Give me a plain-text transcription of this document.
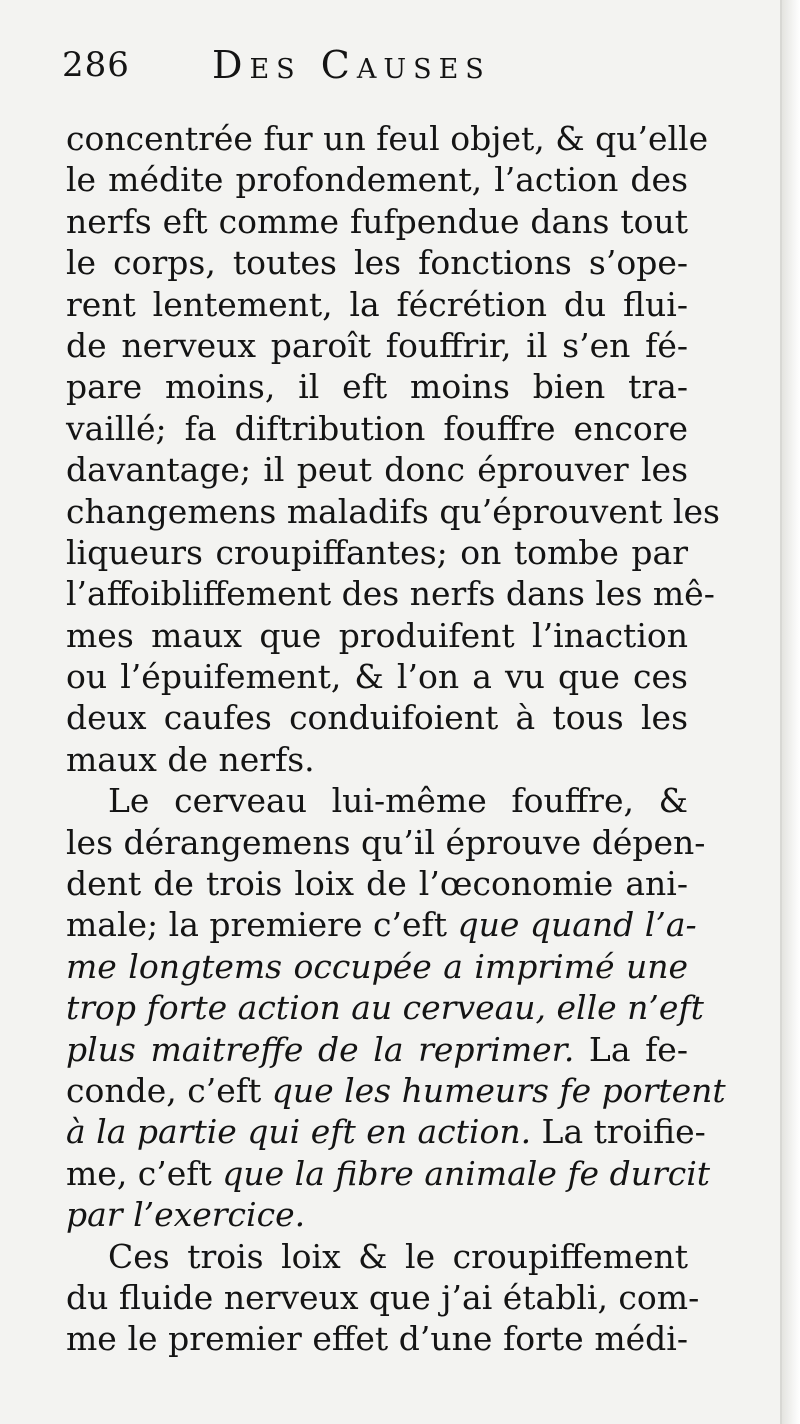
286 Des Causes
concentrée fur un feul objet, & qu’elle
le médite profondement, l’action des
nerfs eft comme fufpendue dans tout
le corps, toutes les fonctions s’ope-
rent lentement, la fécrétion du flui-
de nerveux paroît fouffrir, il s’en fé-
pare moins, il eft moins bien tra-
vaillé; fa diftribution fouffre encore
davantage; il peut donc éprouver les
changemens maladifs qu’éprouvent les
liqueurs croupiffantes; on tombe par
l’affoibliffement des nerfs dans les mê-
mes maux que produifent l’inaction
ou l’épuifement, & l’on a vu que ces
deux caufes conduifoient à tous les
maux de nerfs.
Le cerveau lui-même fouffre, &
les dérangemens qu’il éprouve dépen-
dent de trois loix de l’œconomie ani-
male; la premiere c’eft que quand l’a-
me longtems occupée a imprimé une
trop forte action au cerveau, elle n’eft
plus maitreffe de la reprimer. La fe-
conde, c’eft que les humeurs fe portent
à la partie qui eft en action. La troifie-
me, c’eft que la fibre animale fe durcit
par l’exercice.
Ces trois loix & le croupiffement
du fluide nerveux que j’ai établi, com-
me le premier effet d’une forte médi-
